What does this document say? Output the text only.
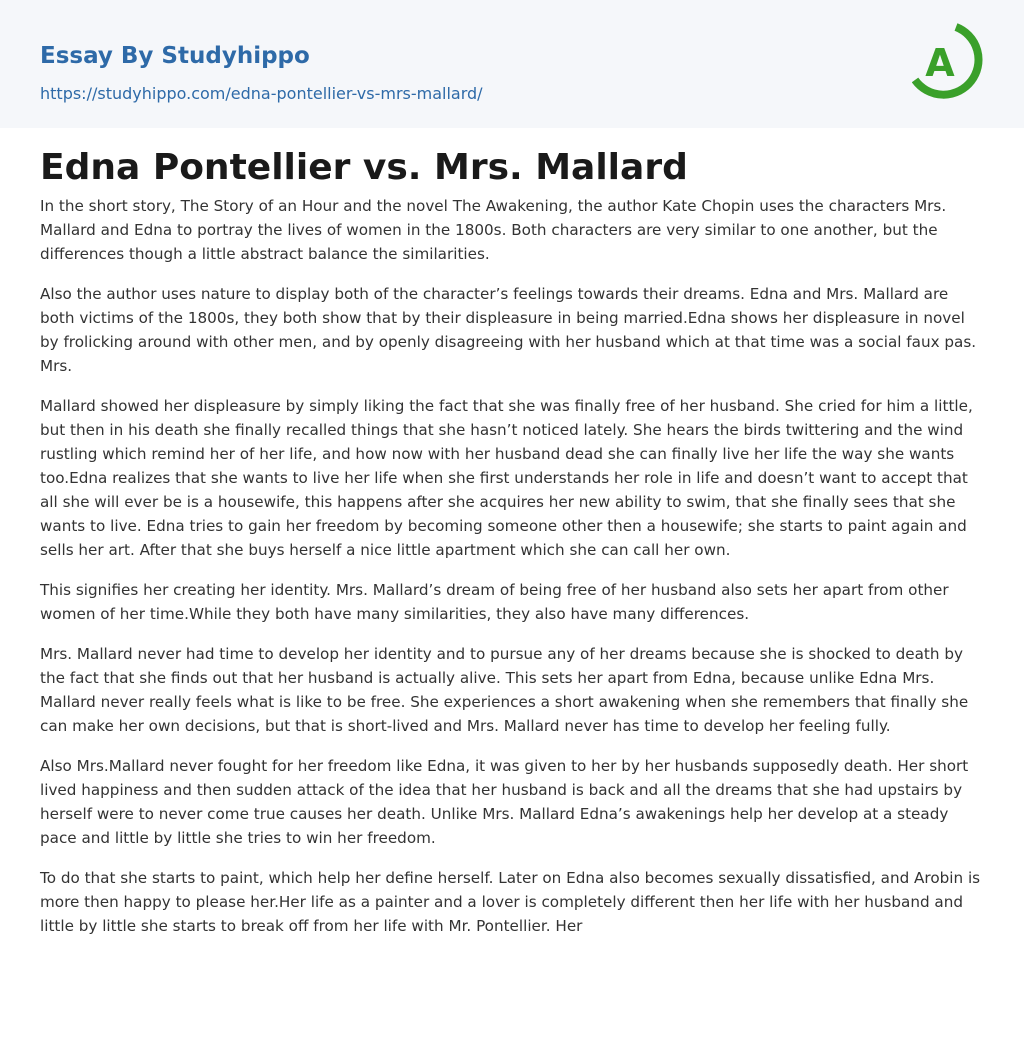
Essay By Studyhippo
https://studyhippo.com/edna-pontellier-vs-mrs-mallard/
A
Edna Pontellier vs. Mrs. Mallard

In the short story, The Story of an Hour and the novel The Awakening, the author Kate Chopin uses the characters Mrs. Mallard and Edna to portray the lives of women in the 1800s. Both characters are very similar to one another, but the differences though a little abstract balance the similarities.

Also the author uses nature to display both of the character’s feelings towards their dreams. Edna and Mrs. Mallard are both victims of the 1800s, they both show that by their displeasure in being married.Edna shows her displeasure in novel by frolicking around with other men, and by openly disagreeing with her husband which at that time was a social faux pas. Mrs.

Mallard showed her displeasure by simply liking the fact that she was finally free of her husband. She cried for him a little, but then in his death she finally recalled things that she hasn’t noticed lately. She hears the birds twittering and the wind rustling which remind her of her life, and how now with her husband dead she can finally live her life the way she wants too.Edna realizes that she wants to live her life when she first understands her role in life and doesn’t want to accept that all she will ever be is a housewife, this happens after she acquires her new ability to swim, that she finally sees that she wants to live. Edna tries to gain her freedom by becoming someone other then a housewife; she starts to paint again and sells her art. After that she buys herself a nice little apartment which she can call her own.

This signifies her creating her identity. Mrs. Mallard’s dream of being free of her husband also sets her apart from other women of her time.While they both have many similarities, they also have many differences.

Mrs. Mallard never had time to develop her identity and to pursue any of her dreams because she is shocked to death by the fact that she finds out that her husband is actually alive. This sets her apart from Edna, because unlike Edna Mrs. Mallard never really feels what is like to be free. She experiences a short awakening when she remembers that finally she can make her own decisions, but that is short-lived and Mrs. Mallard never has time to develop her feeling fully.

Also Mrs.Mallard never fought for her freedom like Edna, it was given to her by her husbands supposedly death. Her short lived happiness and then sudden attack of the idea that her husband is back and all the dreams that she had upstairs by herself were to never come true causes her death. Unlike Mrs. Mallard Edna’s awakenings help her develop at a steady pace and little by little she tries to win her freedom.

To do that she starts to paint, which help her define herself. Later on Edna also becomes sexually dissatisfied, and Arobin is more then happy to please her.Her life as a painter and a lover is completely different then her life with her husband and little by little she starts to break off from her life with Mr. Pontellier. Her
